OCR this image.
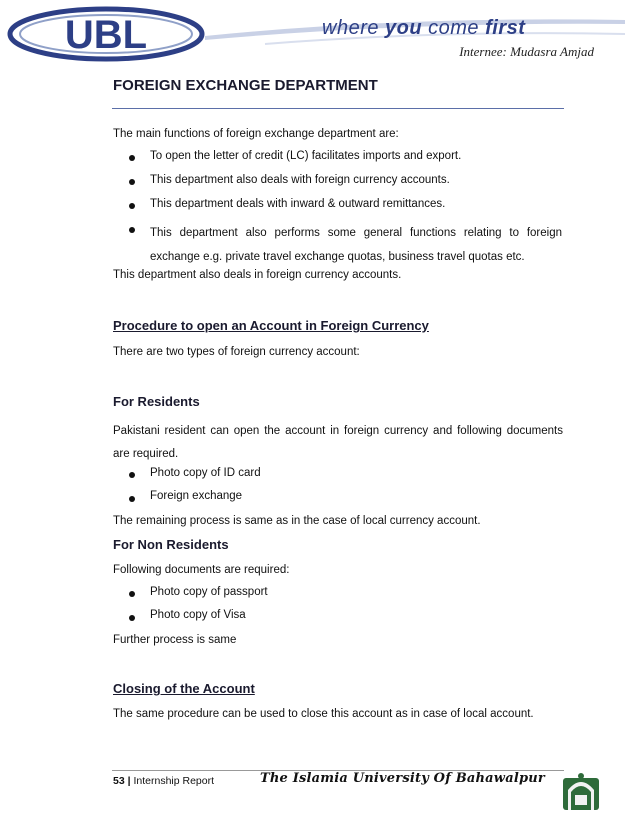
UBL	where you come first
Internee: Mudasra Amjad
FOREIGN EXCHANGE DEPARTMENT
The main functions of foreign exchange department are:
To open the letter of credit (LC) facilitates imports and export.
This department also deals with foreign currency accounts.
This department deals with inward & outward remittances.
This department also performs some general functions relating to foreign exchange e.g. private travel exchange quotas, business travel quotas etc.
This department also deals in foreign currency accounts.
Procedure to open an Account in Foreign Currency
There are two types of foreign currency account:
For Residents
Pakistani resident can open the account in foreign currency and following documents are required.
Photo copy of ID card
Foreign exchange
The remaining process is same as in the case of local currency account.
For Non Residents
Following documents are required:
Photo copy of passport
Photo copy of Visa
Further process is same
Closing of the Account
The same procedure can be used to close this account as in case of local account.
53 | Internship Report	The Islamia University Of Bahawalpur
